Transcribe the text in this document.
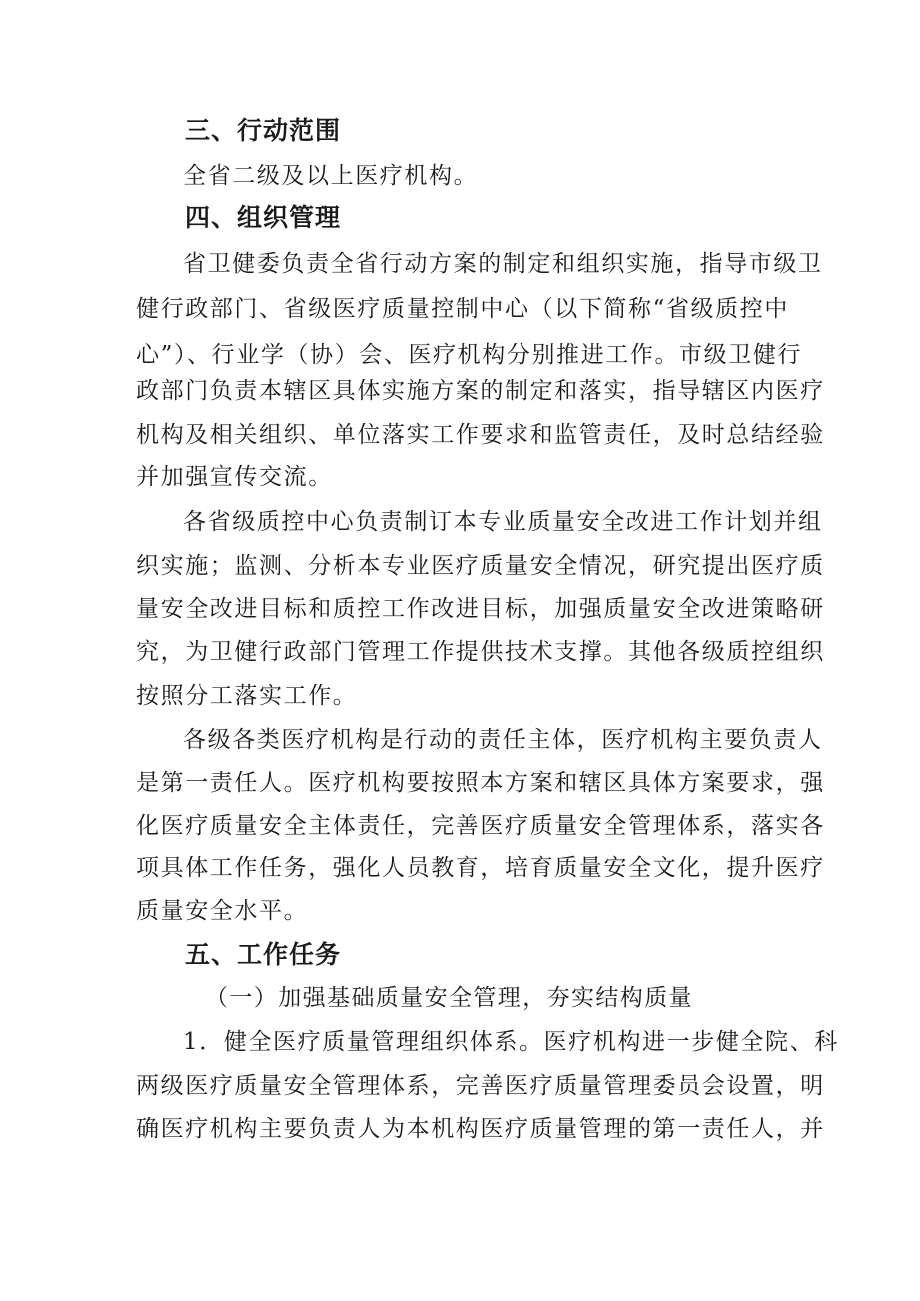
三、行动范围
全省二级及以上医疗机构。
四、组织管理
省卫健委负责全省行动方案的制定和组织实施，指导市级卫
健行政部门、省级医疗质量控制中心（以下简称“省级质控中
心”）、行业学（协）会、医疗机构分别推进工作。市级卫健行
政部门负责本辖区具体实施方案的制定和落实，指导辖区内医疗
机构及相关组织、单位落实工作要求和监管责任，及时总结经验
并加强宣传交流。
各省级质控中心负责制订本专业质量安全改进工作计划并组
织实施；监测、分析本专业医疗质量安全情况，研究提出医疗质
量安全改进目标和质控工作改进目标，加强质量安全改进策略研
究，为卫健行政部门管理工作提供技术支撑。其他各级质控组织
按照分工落实工作。
各级各类医疗机构是行动的责任主体，医疗机构主要负责人
是第一责任人。医疗机构要按照本方案和辖区具体方案要求，强
化医疗质量安全主体责任，完善医疗质量安全管理体系，落实各
项具体工作任务，强化人员教育，培育质量安全文化，提升医疗
质量安全水平。
五、工作任务
（一）加强基础质量安全管理，夯实结构质量
1．健全医疗质量管理组织体系。医疗机构进一步健全院、科
两级医疗质量安全管理体系，完善医疗质量管理委员会设置，明
确医疗机构主要负责人为本机构医疗质量管理的第一责任人，并
